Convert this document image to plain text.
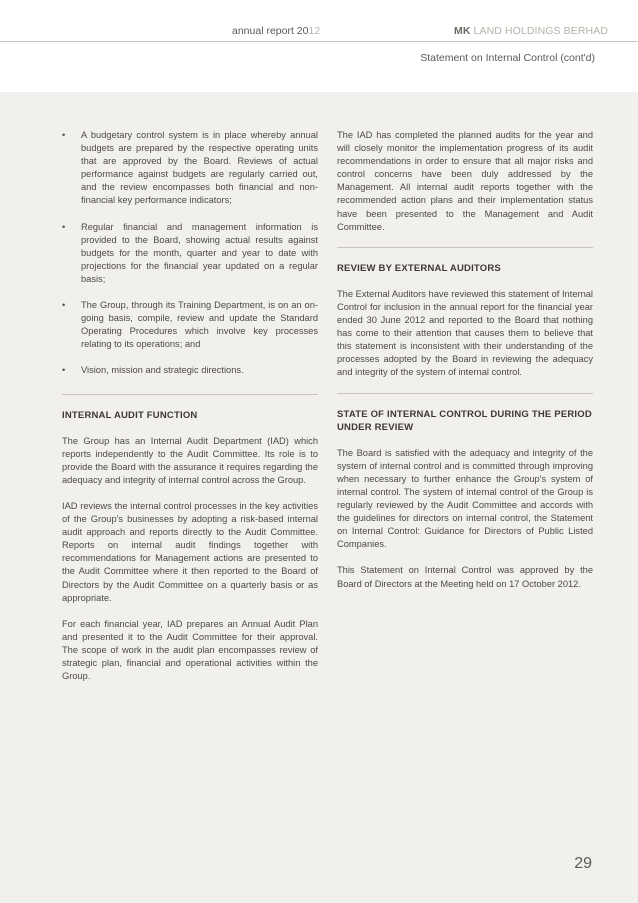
annual report 2012	MK LAND HOLDINGS BERHAD
Statement on Internal Control (cont'd)
• A budgetary control system is in place whereby annual budgets are prepared by the respective operating units that are approved by the Board. Reviews of actual performance against budgets are regularly carried out, and the review encompasses both financial and non-financial key performance indicators;
• Regular financial and management information is provided to the Board, showing actual results against budgets for the month, quarter and year to date with projections for the financial year updated on a regular basis;
• The Group, through its Training Department, is on an on-going basis, compile, review and update the Standard Operating Procedures which involve key processes relating to its operations; and
• Vision, mission and strategic directions.
INTERNAL AUDIT FUNCTION

The Group has an Internal Audit Department (IAD) which reports independently to the Audit Committee. Its role is to provide the Board with the assurance it requires regarding the adequacy and integrity of internal control across the Group.

IAD reviews the internal control processes in the key activities of the Group's businesses by adopting a risk-based internal audit approach and reports directly to the Audit Committee. Reports on internal audit findings together with recommendations for Management actions are presented to the Audit Committee where it then reported to the Board of Directors by the Audit Committee on a quarterly basis or as appropriate.

For each financial year, IAD prepares an Annual Audit Plan and presented it to the Audit Committee for their approval. The scope of work in the audit plan encompasses review of strategic plan, financial and operational activities within the Group.

The IAD has completed the planned audits for the year and will closely monitor the implementation progress of its audit recommendations in order to ensure that all major risks and control concerns have been duly addressed by the Management. All internal audit reports together with the recommended action plans and their implementation status have been presented to the Management and Audit Committee.

REVIEW BY EXTERNAL AUDITORS

The External Auditors have reviewed this statement of Internal Control for inclusion in the annual report for the financial year ended 30 June 2012 and reported to the Board that nothing has come to their attention that causes them to believe that this statement is inconsistent with their understanding of the processes adopted by the Board in reviewing the adequacy and integrity of the system of internal control.

STATE OF INTERNAL CONTROL DURING THE PERIOD UNDER REVIEW

The Board is satisfied with the adequacy and integrity of the system of internal control and is committed through improving when necessary to further enhance the Group's system of internal control. The system of internal control of the Group is regularly reviewed by the Audit Committee and accords with the guidelines for directors on internal control, the Statement on Internal Control: Guidance for Directors of Public Listed Companies.

This Statement on Internal Control was approved by the Board of Directors at the Meeting held on 17 October 2012.

29
